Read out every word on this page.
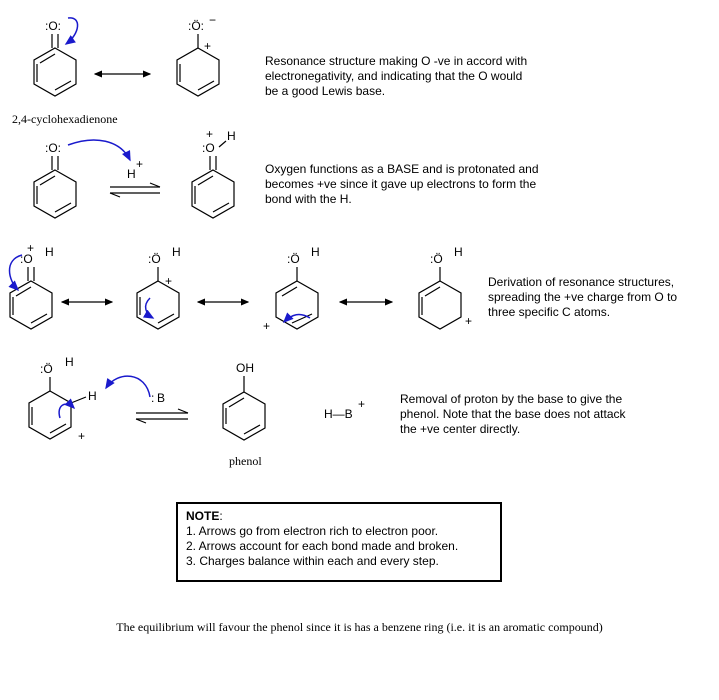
:O:	:Ö: −
+
Resonance structure making O -ve in accord with electronegativity, and indicating that the O would be a good Lewis base.
:O:
H
+
:O
H
+
Oxygen functions as a BASE and is protonated and becomes +ve since it gave up electrons to form the bond with the H.
:O H
+
:Ö H
+
:Ö H
+
:Ö H
+
Derivation of resonance structures, spreading the +ve charge from O to three specific C atoms.
:Ö H
H
+
B
:
OH
H—B
+	Removal of proton by the base to give the phenol. Note that the base does not attack the +ve center directly.
2,4-cyclohexadienone
phenol
NOTE:
1. Arrows go from electron rich to electron poor.
2. Arrows account for each bond made and broken.
3. Charges balance within each and every step.
The equilibrium will favour the phenol since it is has a benzene ring (i.e. it is an aromatic compound)
